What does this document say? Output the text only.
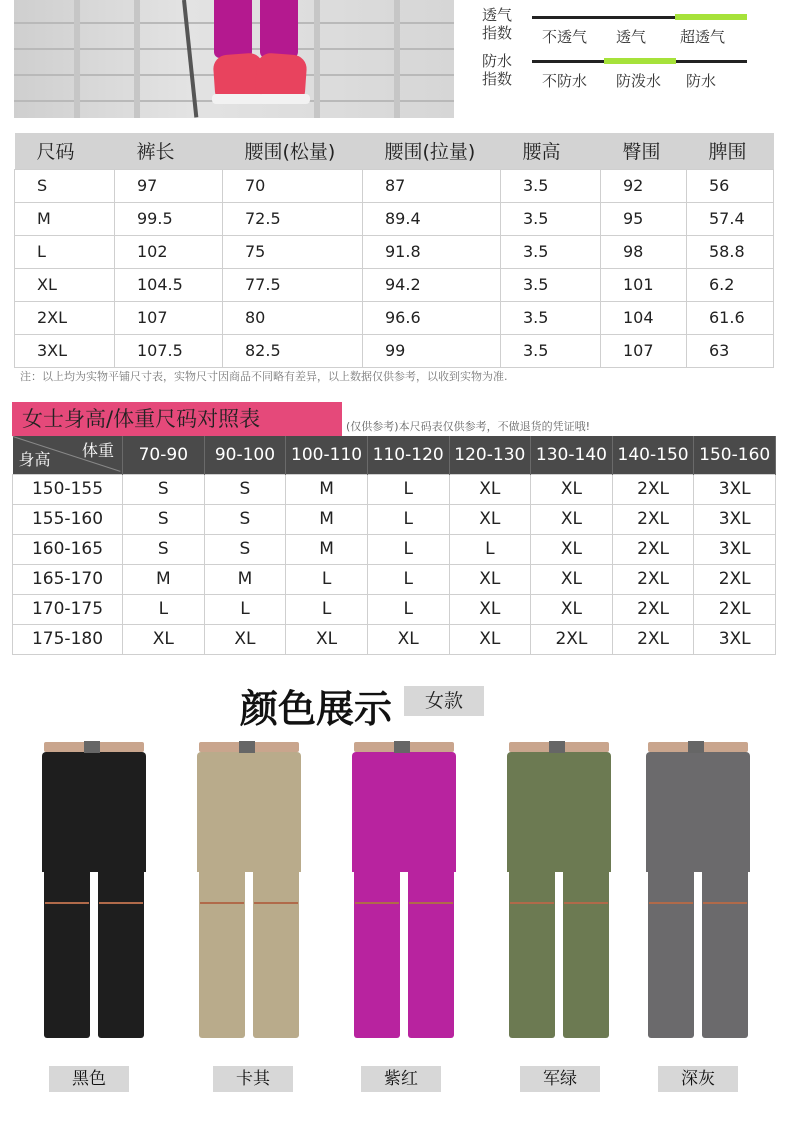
透气
指数	不透气 透气 超透气
防水
指数	不防水 防泼水 防水
尺码	裤长	腰围(松量)	腰围(拉量)	腰高	臀围	脾围
S	97	70	87	3.5	92	56
M	99.5	72.5	89.4	3.5	95	57.4
L	102	75	91.8	3.5	98	58.8
XL	104.5	77.5	94.2	3.5	101	6.2
2XL	107	80	96.6	3.5	104	61.6
3XL	107.5	82.5	99	3.5	107	63
注：以上均为实物平铺尺寸表，实物尺寸因商品不同略有差异，以上数据仅供参考，以收到实物为准.
女士身高/体重尺码对照表	(仅供参考)本尺码表仅供参考，不做退货的凭证哦!
体重
身高	70-90	90-100	100-110	110-120	120-130	130-140	140-150	150-160
150-155	S	S	M	L	XL	XL	2XL	3XL
155-160	S	S	M	L	XL	XL	2XL	3XL
160-165	S	S	M	L	L	XL	2XL	3XL
165-170	M	M	L	L	XL	XL	2XL	2XL
170-175	L	L	L	L	XL	XL	2XL	2XL
175-180	XL	XL	XL	XL	XL	2XL	2XL	3XL
颜色展示	女款
黑色	卡其	紫红	军绿	深灰
